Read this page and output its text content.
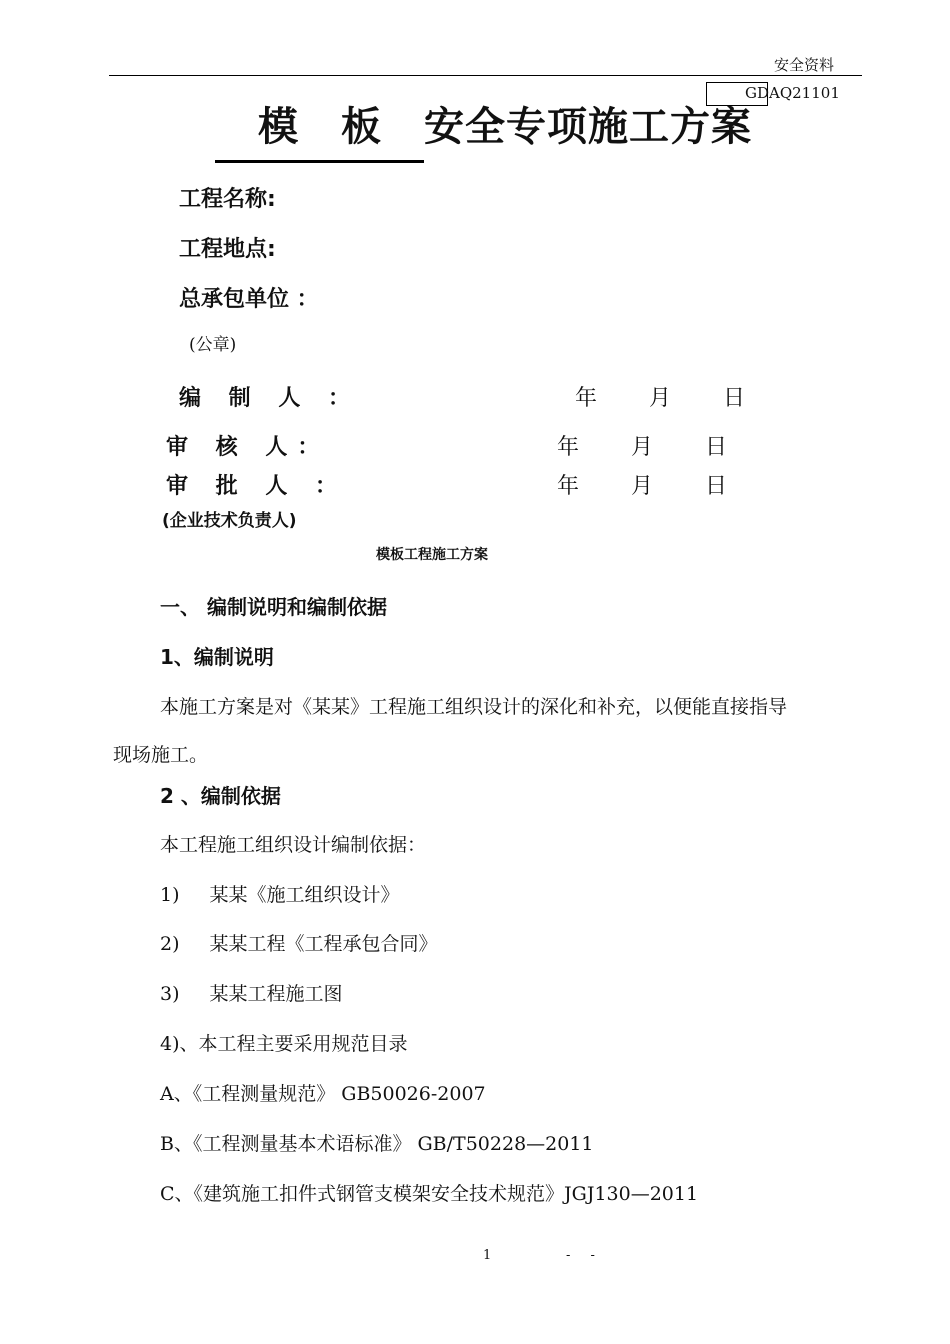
安全资料
GDAQ21101
模 板 安全专项施工方案
工程名称:
工程地点:
总承包单位 ：
(公章)
编 制 人 ：	年 月 日
审 核 人：	年 月 日
审 批 人 ：	年 月 日
(企业技术负责人)
模板工程施工方案
一、 编制说明和编制依据
1、编制说明
本施工方案是对《某某》工程施工组织设计的深化和补充，以便能直接指导
现场施工。
2 、编制依据
本工程施工组织设计编制依据：
1) 某某《施工组织设计》
2) 某某工程《工程承包合同》
3) 某某工程施工图
4)、本工程主要采用规范目录
A、《工程测量规范》 GB50026-2007
B、《工程测量基本术语标准》 GB/T50228—2011
C、《建筑施工扣件式钢管支模架安全技术规范》JGJ130—2011
1	- -
